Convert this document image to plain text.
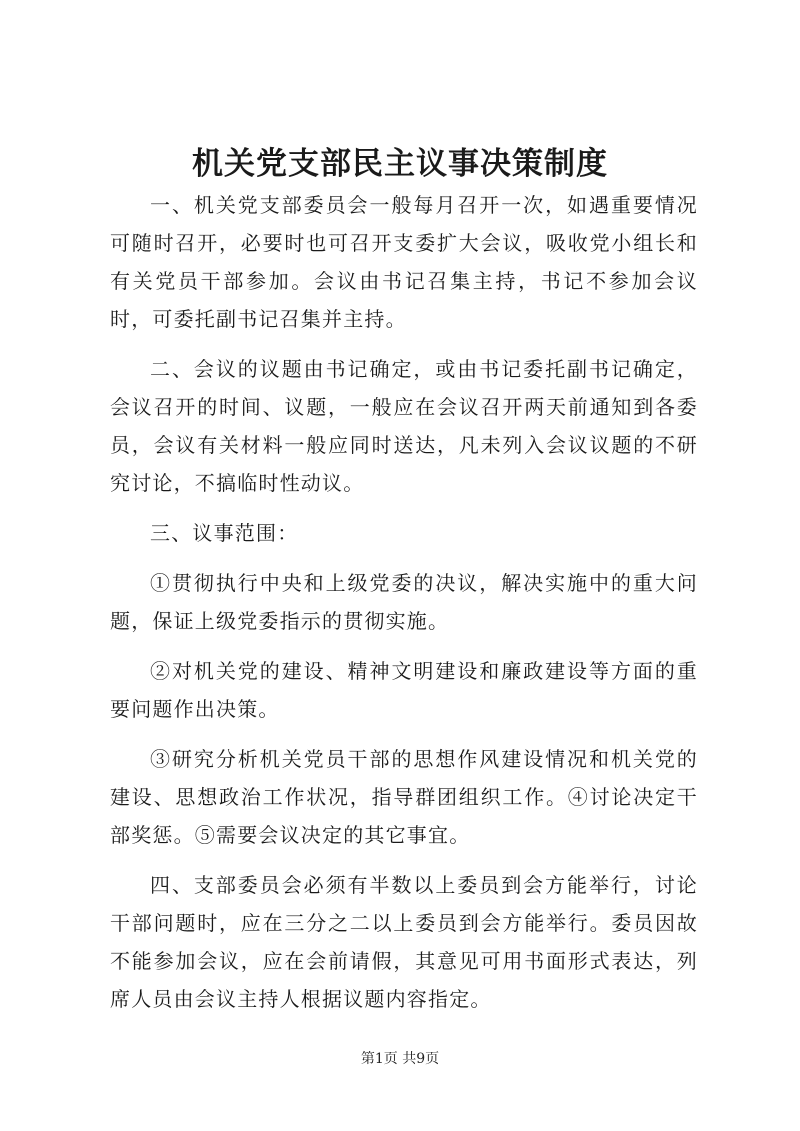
机关党支部民主议事决策制度

一、机关党支部委员会一般每月召开一次，如遇重要情况可随时召开，必要时也可召开支委扩大会议，吸收党小组长和有关党员干部参加。会议由书记召集主持，书记不参加会议时，可委托副书记召集并主持。

二、会议的议题由书记确定，或由书记委托副书记确定，会议召开的时间、议题，一般应在会议召开两天前通知到各委员，会议有关材料一般应同时送达，凡未列入会议议题的不研究讨论，不搞临时性动议。

三、议事范围：

①贯彻执行中央和上级党委的决议，解决实施中的重大问题，保证上级党委指示的贯彻实施。

②对机关党的建设、精神文明建设和廉政建设等方面的重要问题作出决策。

③研究分析机关党员干部的思想作风建设情况和机关党的建设、思想政治工作状况，指导群团组织工作。④讨论决定干部奖惩。⑤需要会议决定的其它事宜。

四、支部委员会必须有半数以上委员到会方能举行，讨论干部问题时，应在三分之二以上委员到会方能举行。委员因故不能参加会议，应在会前请假，其意见可用书面形式表达，列席人员由会议主持人根据议题内容指定。

第1页 共9页
